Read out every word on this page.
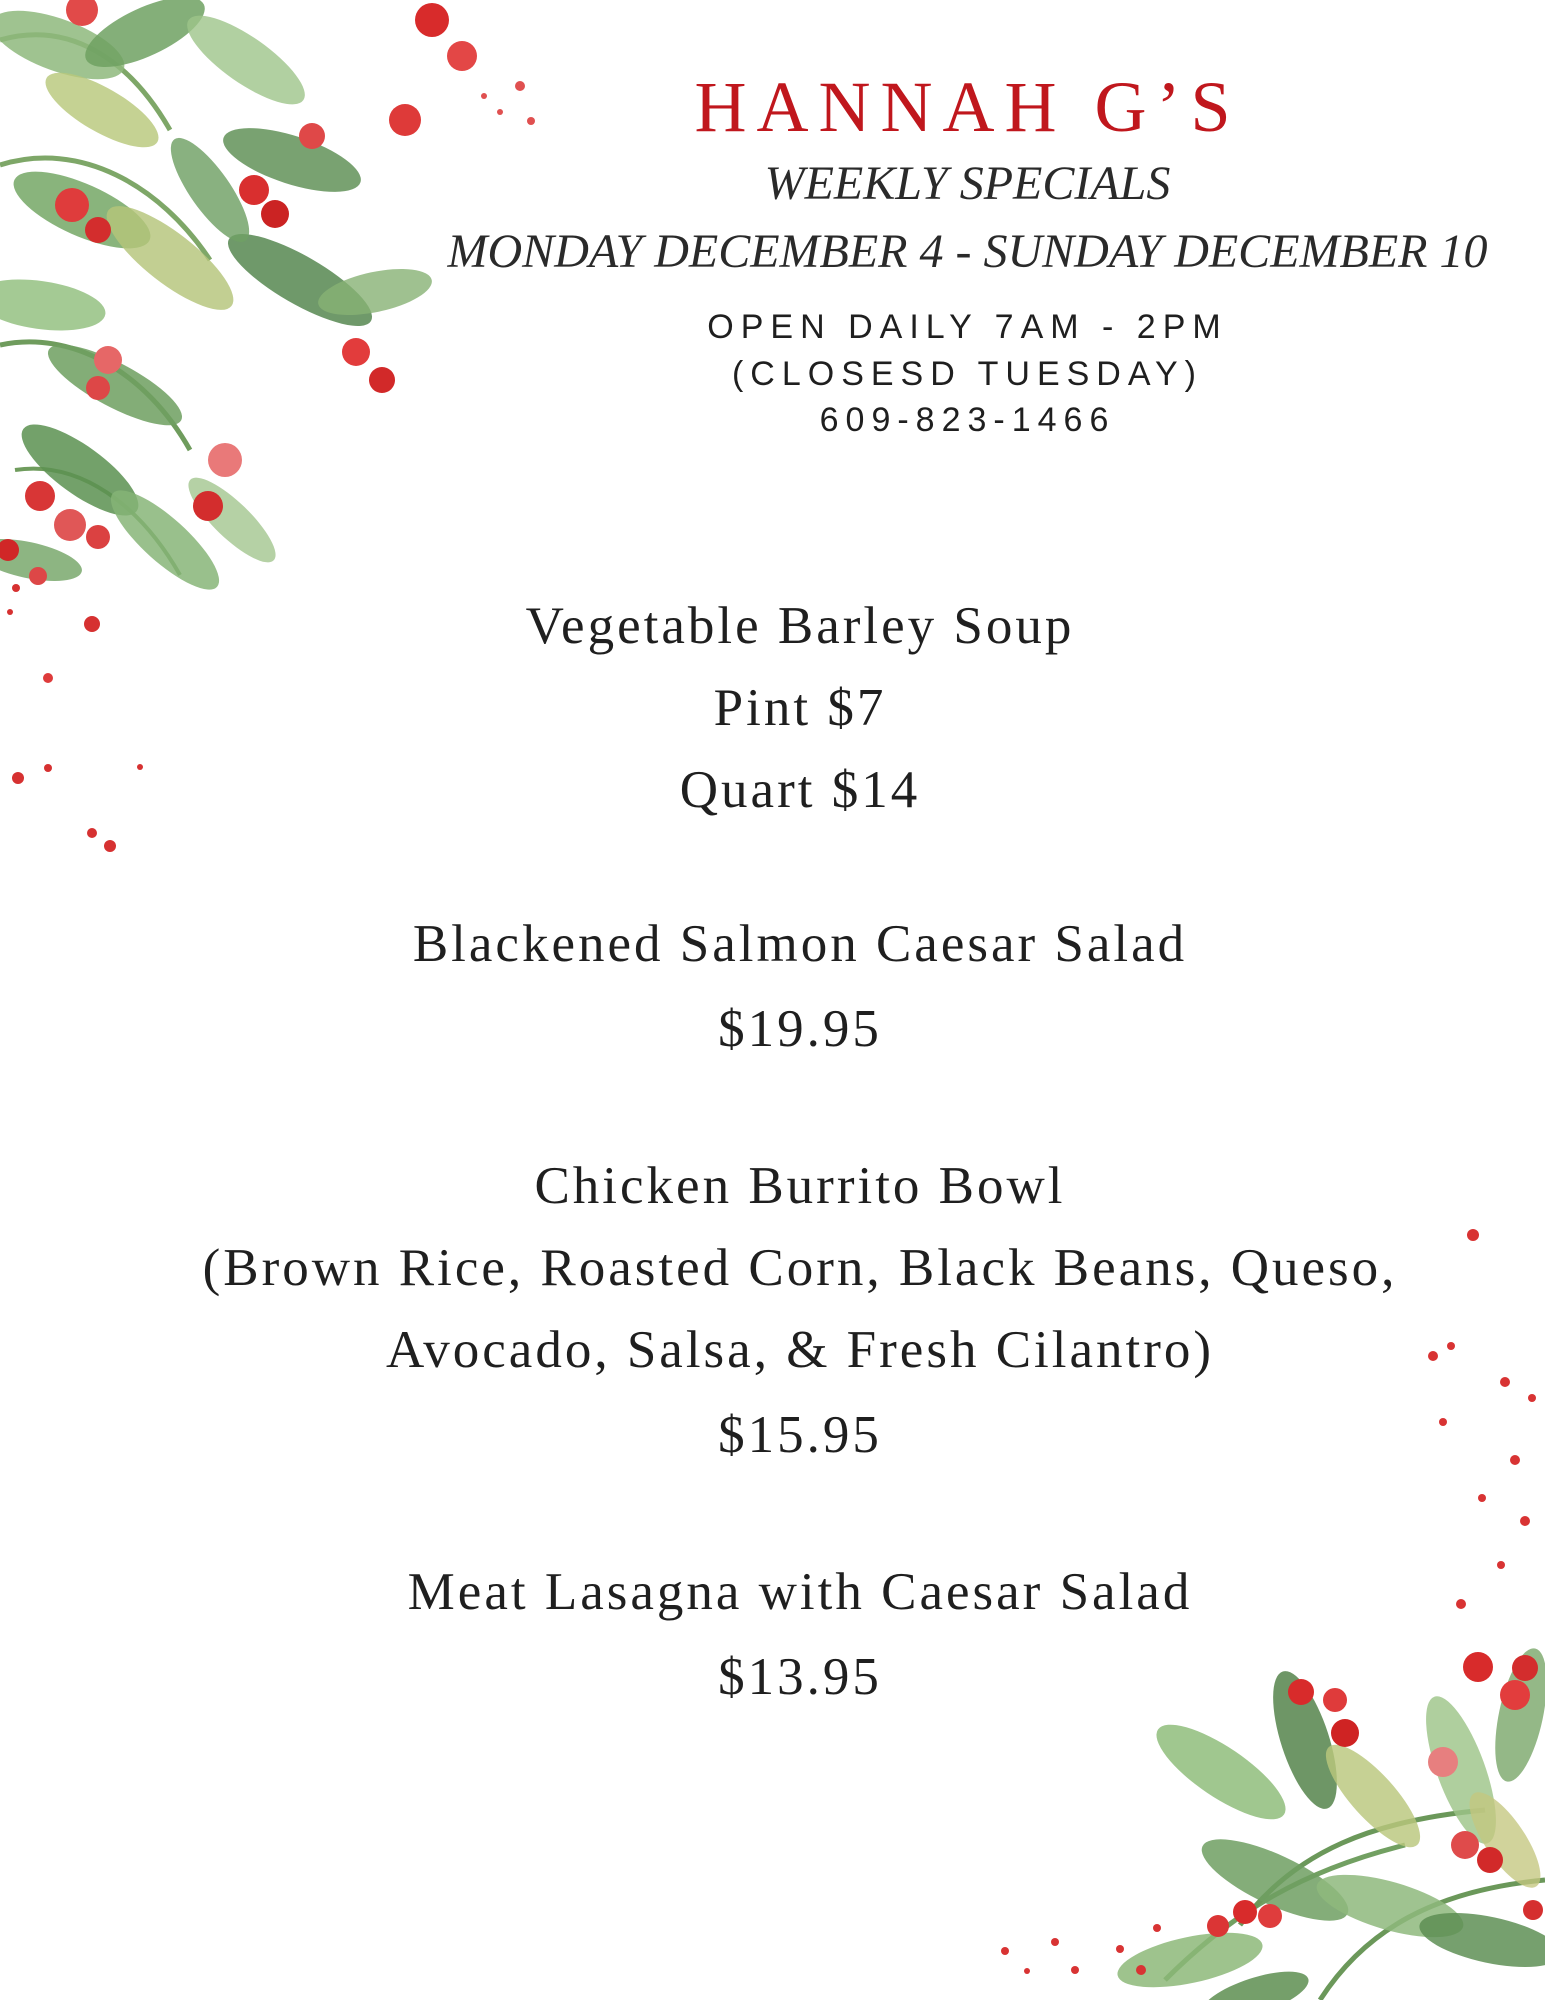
HANNAH G’S
WEEKLY SPECIALS
MONDAY DECEMBER 4 - SUNDAY DECEMBER 10
OPEN DAILY 7AM - 2PM
(CLOSESD TUESDAY)
609-823-1466
Vegetable Barley Soup
Pint $7
Quart $14
Blackened Salmon Caesar Salad
$19.95
Chicken Burrito Bowl
(Brown Rice, Roasted Corn, Black Beans, Queso,
Avocado, Salsa, & Fresh Cilantro)
$15.95
Meat Lasagna with Caesar Salad
$13.95
